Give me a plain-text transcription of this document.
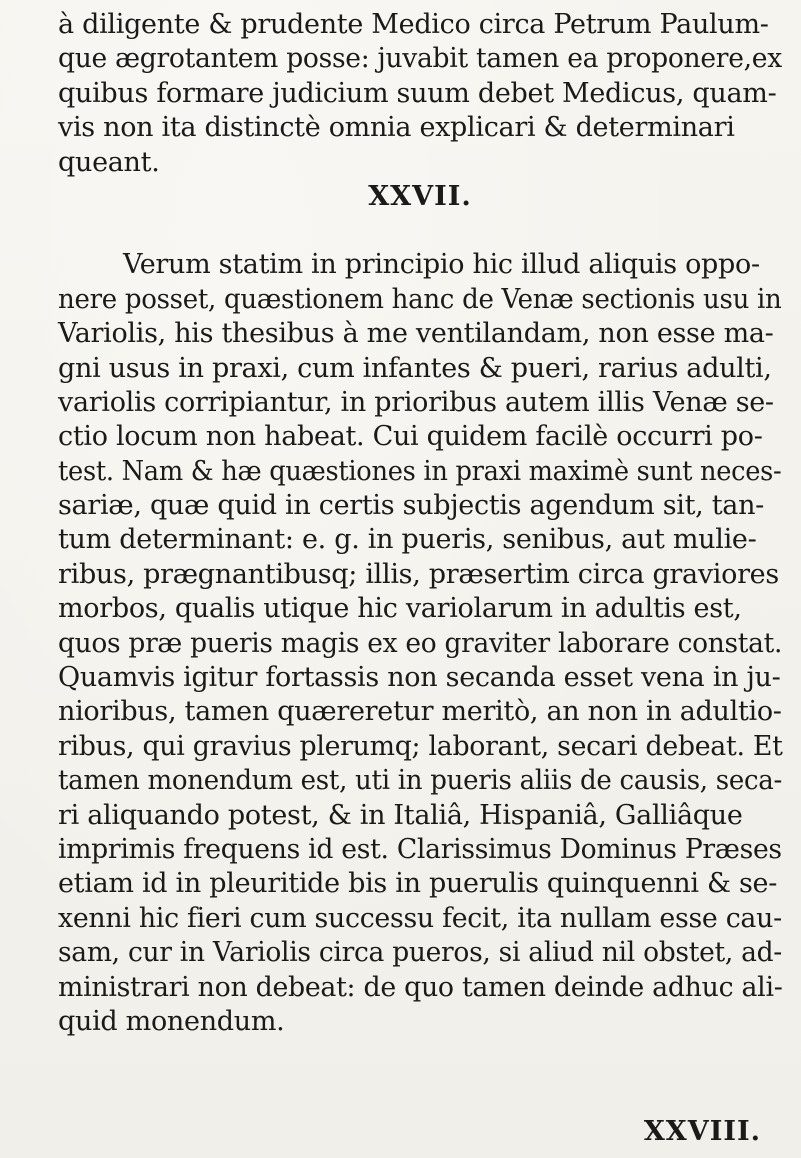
à diligente & prudente Medico circa Petrum Paulum-
que ægrotantem posse: juvabit tamen ea proponere,ex
quibus formare judicium suum debet Medicus, quam-
vis non ita distinctè omnia explicari & determinari
queant.
XXVII.
Verum statim in principio hic illud aliquis oppo-
nere posset, quæstionem hanc de Venæ sectionis usu in
Variolis, his thesibus à me ventilandam, non esse ma-
gni usus in praxi, cum infantes & pueri, rarius adulti,
variolis corripiantur, in prioribus autem illis Venæ se-
ctio locum non habeat. Cui quidem facilè occurri po-
test. Nam & hæ quæstiones in praxi maximè sunt neces-
sariæ, quæ quid in certis subjectis agendum sit, tan-
tum determinant: e. g. in pueris, senibus, aut mulie-
ribus, prægnantibusq; illis, præsertim circa graviores
morbos, qualis utique hic variolarum in adultis est,
quos præ pueris magis ex eo graviter laborare constat.
Quamvis igitur fortassis non secanda esset vena in ju-
nioribus, tamen quæreretur meritò, an non in adultio-
ribus, qui gravius plerumq; laborant, secari debeat. Et
tamen monendum est, uti in pueris aliis de causis, seca-
ri aliquando potest, & in Italiâ, Hispaniâ, Galliâque
imprimis frequens id est. Clarissimus Dominus Præses
etiam id in pleuritide bis in puerulis quinquenni & se-
xenni hic fieri cum successu fecit, ita nullam esse cau-
sam, cur in Variolis circa pueros, si aliud nil obstet, ad-
ministrari non debeat: de quo tamen deinde adhuc ali-
quid monendum.
XXVIII.
